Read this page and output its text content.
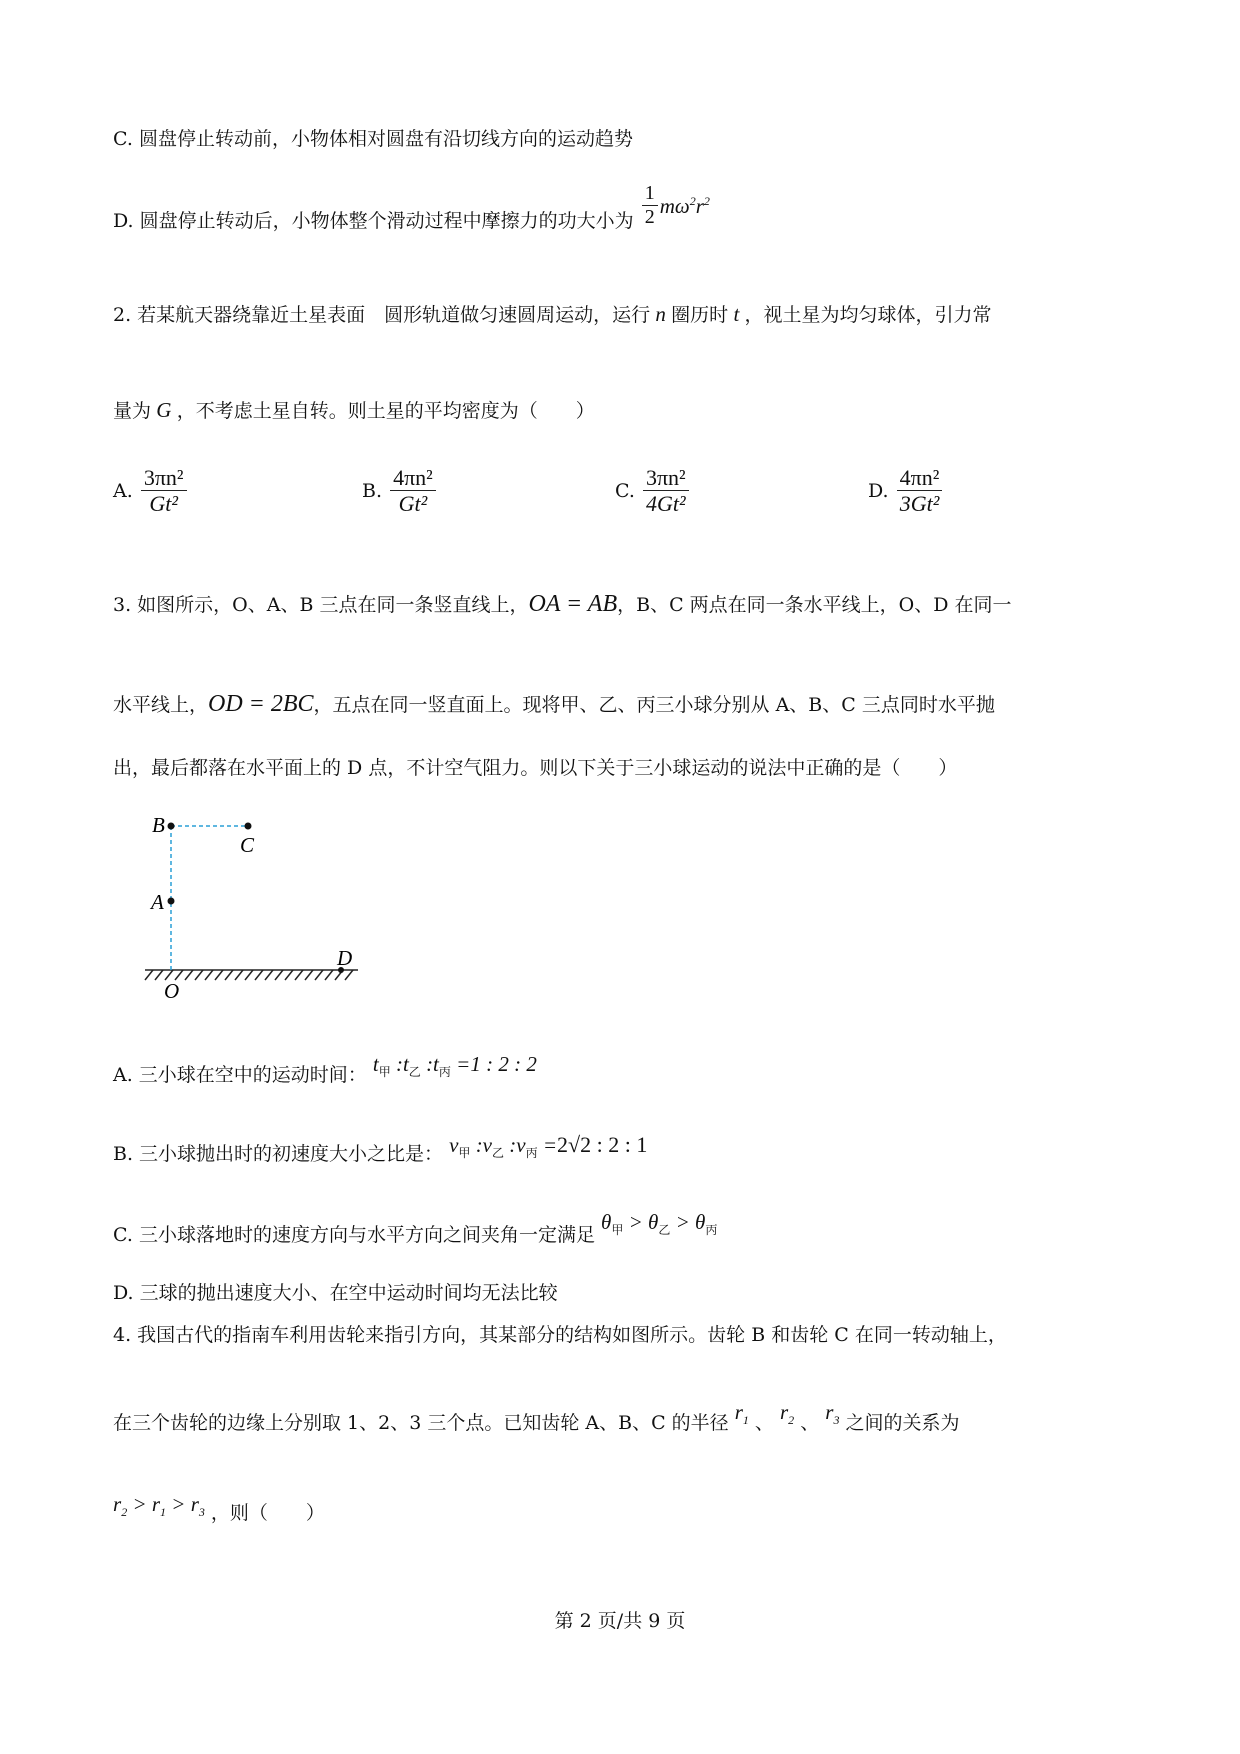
C. 圆盘停止转动前，小物体相对圆盘有沿切线方向的运动趋势
D. 圆盘停止转动后，小物体整个滑动过程中摩擦力的功大小为 $\frac{1}{2} m\omega^2r^2$
2. 若某航天器绕靠近土星表面　圆形轨道做匀速圆周运动，运行 n 圈历时 t ，视土星为均匀球体，引力常
量为 G ，不考虑土星自转。则土星的平均密度为（　　）
A. $\frac{\text{3πn²}}{\text{Gt²}}$	B. $\frac{\text{4πn²}}{\text{Gt²}}$	C. $\frac{\text{3πn²}}{\text{4Gt²}}$	D. $\frac{\text{4πn²}}{\text{3Gt²}}$
3. 如图所示，O、A、B 三点在同一条竖直线上，OA = AB，B、C 两点在同一条水平线上，O、D 在同一
水平线上，OD = 2BC，五点在同一竖直面上。现将甲、乙、丙三小球分别从 A、B、C 三点同时水平抛
出，最后都落在水平面上的 D 点，不计空气阻力。则以下关于三小球运动的说法中正确的是（　　）
B
C
A
D
O
A. 三小球在空中的运动时间： $t_甲$ $:t_乙$ $:t_丙 =1$ : 2 : 2
B. 三小球抛出时的初速度大小之比是： $v_甲$ $:v_乙$ $:v_丙 =2√2$ : 2 : 1
C. 三小球落地时的速度方向与水平方向之间夹角一定满足 $\theta_甲 > \theta_乙 > \theta_丙$
D. 三球的抛出速度大小、在空中运动时间均无法比较
4. 我国古代的指南车利用齿轮来指引方向，其某部分的结构如图所示。齿轮 B 和齿轮 C 在同一转动轴上，
在三个齿轮的边缘上分别取 1、2、3 三个点。已知齿轮 A、B、C 的半径 $r_1$ 、 $r_2$ 、 $r_3$ 之间的关系为
$r_2 > r_1 > r_3$ ，则（　　）
第 2 页/共 9 页
